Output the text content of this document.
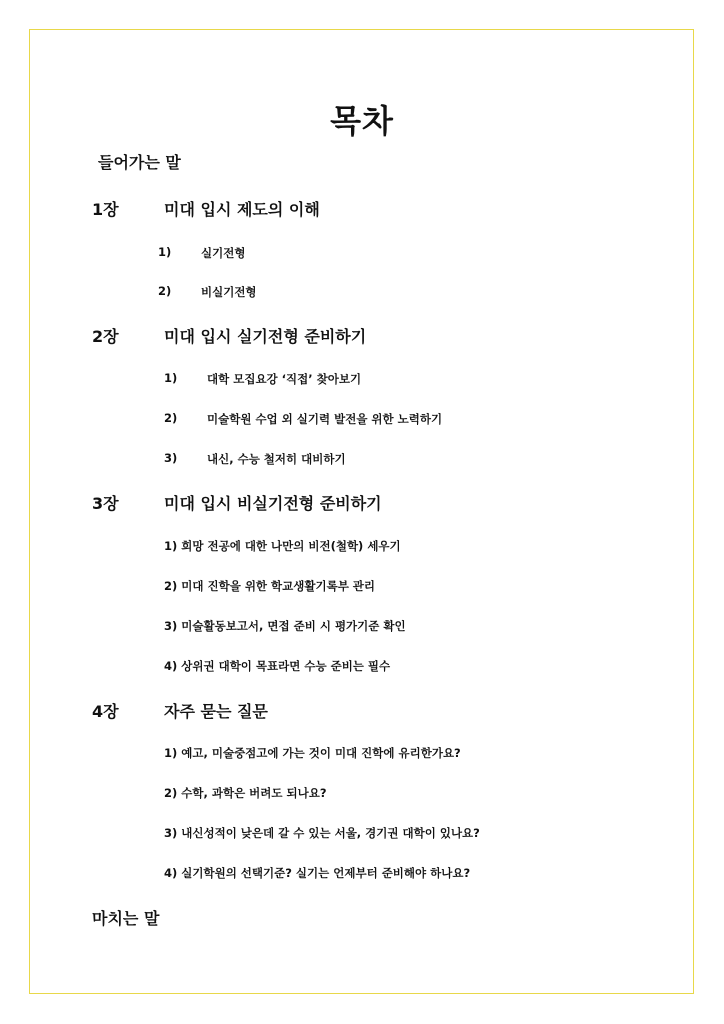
목차
들어가는 말
1장	미대 입시 제도의 이해
1)	실기전형
2)	비실기전형
2장	미대 입시 실기전형 준비하기
1)	대학 모집요강 ‘직접’ 찾아보기
2)	미술학원 수업 외 실기력 발전을 위한 노력하기
3)	내신, 수능 철저히 대비하기
3장	미대 입시 비실기전형 준비하기
1) 희망 전공에 대한 나만의 비전(철학) 세우기
2) 미대 진학을 위한 학교생활기록부 관리
3) 미술활동보고서, 면접 준비 시 평가기준 확인
4) 상위권 대학이 목표라면 수능 준비는 필수
4장	자주 묻는 질문
1) 예고, 미술중점고에 가는 것이 미대 진학에 유리한가요?
2) 수학, 과학은 버려도 되나요?
3) 내신성적이 낮은데 갈 수 있는 서울, 경기권 대학이 있나요?
4) 실기학원의 선택기준? 실기는 언제부터 준비해야 하나요?
마치는 말
